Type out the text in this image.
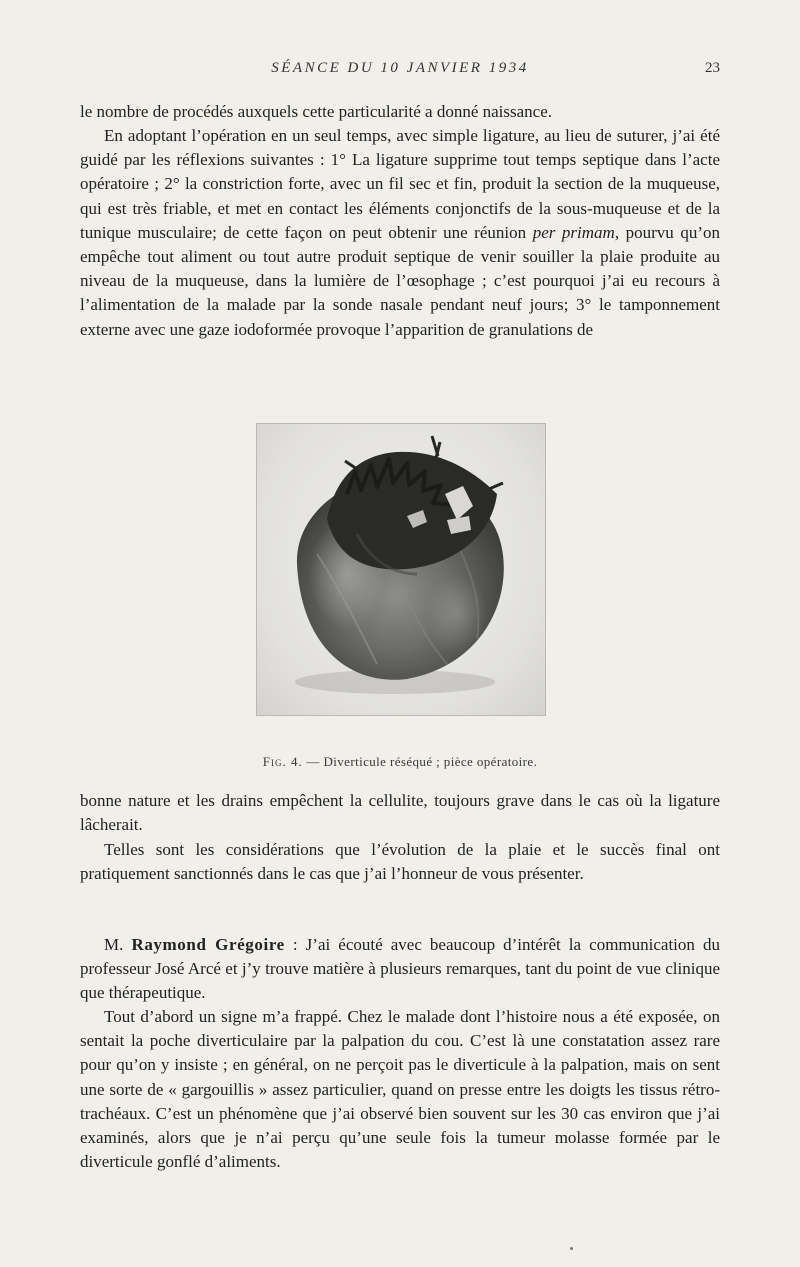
SÉANCE DU 10 JANVIER 1934	23

le nombre de procédés auxquels cette particularité a donné naissance.

En adoptant l’opération en un seul temps, avec simple ligature, au lieu de suturer, j’ai été guidé par les réflexions suivantes : 1° La ligature supprime tout temps septique dans l’acte opératoire ; 2° la constriction forte, avec un fil sec et fin, produit la section de la muqueuse, qui est très friable, et met en contact les éléments conjonctifs de la sous-muqueuse et de la tunique musculaire; de cette façon on peut obtenir une réunion per primam, pourvu qu’on empêche tout aliment ou tout autre produit septique de venir souiller la plaie produite au niveau de la muqueuse, dans la lumière de l’œsophage ; c’est pourquoi j’ai eu recours à l’alimentation de la malade par la sonde nasale pendant neuf jours; 3° le tamponnement externe avec une gaze iodoformée provoque l’apparition de granulations de

Fig. 4. — Diverticule réséqué ; pièce opératoire.

bonne nature et les drains empêchent la cellulite, toujours grave dans le cas où la ligature lâcherait.

Telles sont les considérations que l’évolution de la plaie et le succès final ont pratiquement sanctionnés dans le cas que j’ai l’honneur de vous présenter.

M. Raymond Grégoire : J’ai écouté avec beaucoup d’intérêt la communication du professeur José Arcé et j’y trouve matière à plusieurs remarques, tant du point de vue clinique que thérapeutique.

Tout d’abord un signe m’a frappé. Chez le malade dont l’histoire nous a été exposée, on sentait la poche diverticulaire par la palpation du cou. C’est là une constatation assez rare pour qu’on y insiste ; en général, on ne perçoit pas le diverticule à la palpation, mais on sent une sorte de « gargouillis » assez particulier, quand on presse entre les doigts les tissus rétro-trachéaux. C’est un phénomène que j’ai observé bien souvent sur les 30 cas environ que j’ai examinés, alors que je n’ai perçu qu’une seule fois la tumeur molasse formée par le diverticule gonflé d’aliments.
